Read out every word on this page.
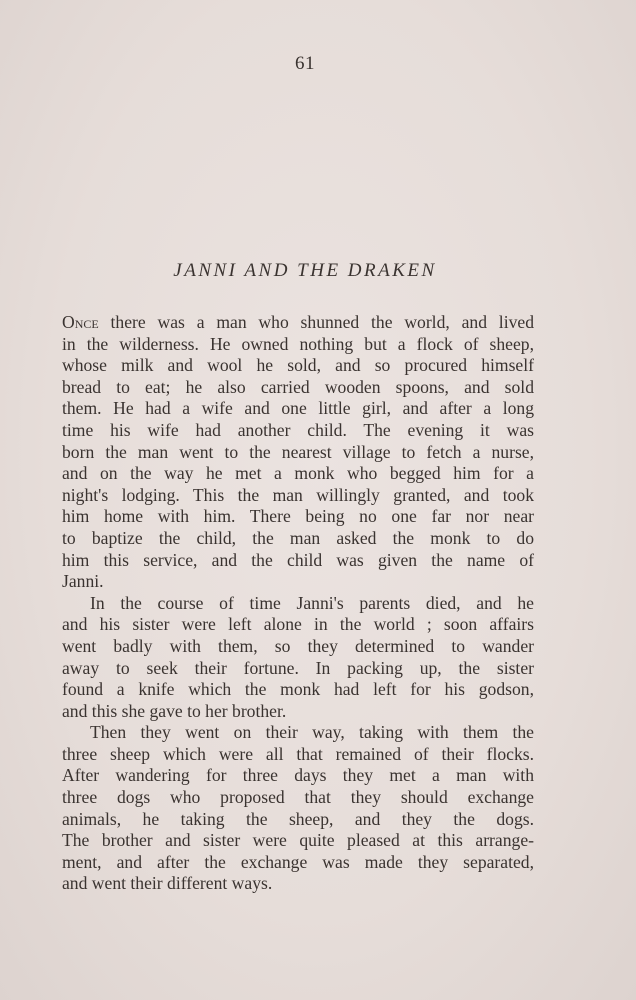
61
JANNI AND THE DRAKEN
Once there was a man who shunned the world, and lived
in the wilderness. He owned nothing but a flock of sheep,
whose milk and wool he sold, and so procured himself
bread to eat; he also carried wooden spoons, and sold
them. He had a wife and one little girl, and after a long
time his wife had another child. The evening it was
born the man went to the nearest village to fetch a nurse,
and on the way he met a monk who begged him for a
night's lodging. This the man willingly granted, and took
him home with him. There being no one far nor near
to baptize the child, the man asked the monk to do
him this service, and the child was given the name of
Janni.
In the course of time Janni's parents died, and he
and his sister were left alone in the world ; soon affairs
went badly with them, so they determined to wander
away to seek their fortune. In packing up, the sister
found a knife which the monk had left for his godson,
and this she gave to her brother.
Then they went on their way, taking with them the
three sheep which were all that remained of their flocks.
After wandering for three days they met a man with
three dogs who proposed that they should exchange
animals, he taking the sheep, and they the dogs.
The brother and sister were quite pleased at this arrange-
ment, and after the exchange was made they separated,
and went their different ways.
